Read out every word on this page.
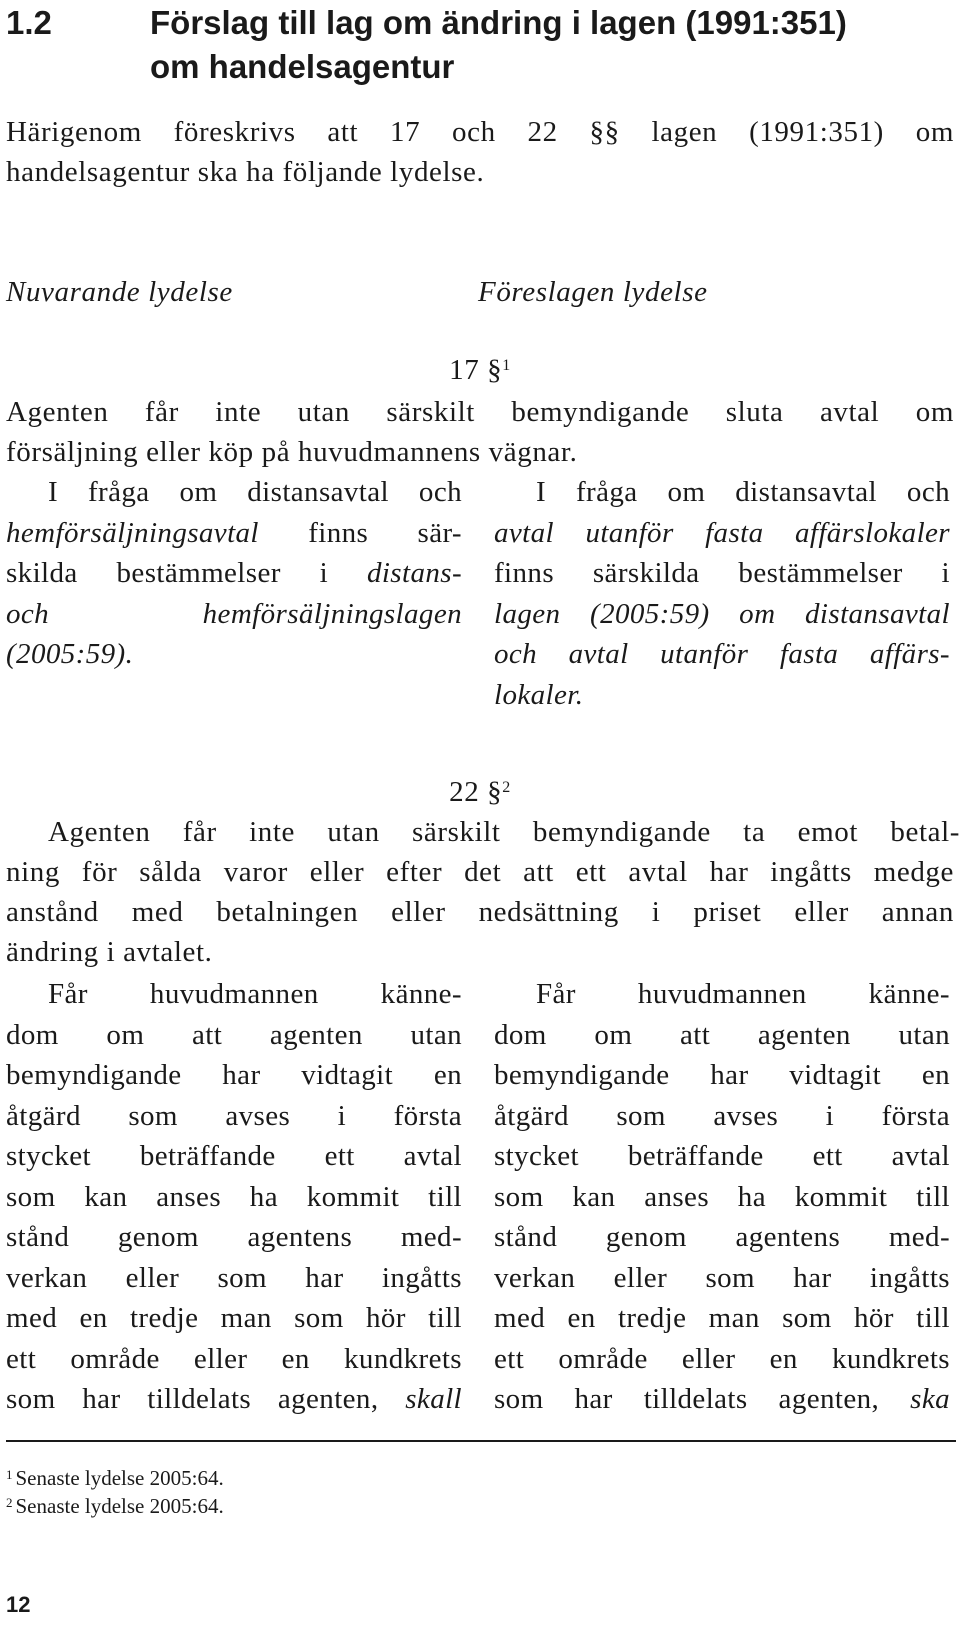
1.2	Förslag till lag om ändring i lagen (1991:351)
om handelsagentur
Härigenom föreskrivs att 17 och 22 §§ lagen (1991:351) om
handelsagentur ska ha följande lydelse.
Nuvarande lydelse	Föreslagen lydelse
17 §$^1$
Agenten får inte utan särskilt bemyndigande sluta avtal om
försäljning eller köp på huvudmannens vägnar.
I fråga om distansavtal och
hemförsäljningsavtal finns sär-
skilda bestämmelser i distans-
och hemförsäljningslagen
(2005:59).
I fråga om distansavtal och
avtal utanför fasta affärslokaler
finns särskilda bestämmelser i
lagen (2005:59) om distansavtal
och avtal utanför fasta affärs-
lokaler.
22 §$^2$
Agenten får inte utan särskilt bemyndigande ta emot betal-
ning för sålda varor eller efter det att ett avtal har ingåtts medge
anstånd med betalningen eller nedsättning i priset eller annan
ändring i avtalet.
Får huvudmannen känne-
dom om att agenten utan
bemyndigande har vidtagit en
åtgärd som avses i första
stycket beträffande ett avtal
som kan anses ha kommit till
stånd genom agentens med-
verkan eller som har ingåtts
med en tredje man som hör till
ett område eller en kundkrets
som har tilldelats agenten, skall
Får huvudmannen känne-
dom om att agenten utan
bemyndigande har vidtagit en
åtgärd som avses i första
stycket beträffande ett avtal
som kan anses ha kommit till
stånd genom agentens med-
verkan eller som har ingåtts
med en tredje man som hör till
ett område eller en kundkrets
som har tilldelats agenten, ska
$^1$ Senaste lydelse 2005:64.
$^2$ Senaste lydelse 2005:64.
12
